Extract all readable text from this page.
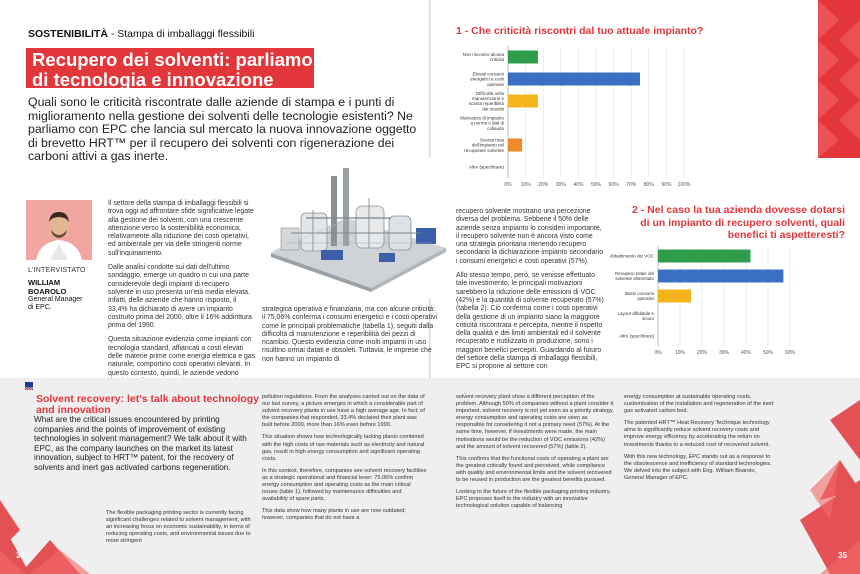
SOSTENIBILITÀ - Stampa di imballaggi flessibili
Recupero dei solventi: parliamo
di tecnologia e innovazione
Quali sono le criticità riscontrate dalle aziende di stampa e i punti di miglioramento nella gestione dei solventi delle tecnologie esistenti? Ne parliamo con EPC che lancia sul mercato la nuova innovazione oggetto di brevetto HRT™ per il recupero dei solventi con rigenerazione dei carboni attivi a gas inerte.
L'INTERVISTATO
WILLIAM
BOAROLO
General Manager
di EPC.

Il settore della stampa di imballaggi flessibili si trova oggi ad affrontare sfide significative legate alla gestione dei solventi, con una crescente attenzione verso la sostenibilità economica, relativamente alla riduzione dei costi operativi, ed ambientale per via delle stringenti norme sull'inquinamento.

Dalle analisi condotte sui dati dell'ultimo sondaggio, emerge un quadro in cui una parte considerevole degli impianti di recupero solvente in uso presenta un'età media elevata. Infatti, delle aziende che hanno risposto, il 33,4% ha dichiarato di avere un impianto costruito prima del 2000, oltre il 16% addirittura prima del 1990.

Questa situazione evidenzia come impianti con tecnologia standard, affiancati a costi elevati delle materie prime come energia elettrica e gas naturale, comportino costi operativi rilevanti. In questo contesto, quindi, le aziende vedono

strategica operativa e finanziaria, ma con alcune criticità: il 75,06% conferma i consumi energetici e i costi operativi come le principali problematiche (tabella 1), seguiti dalla difficoltà di manutenzione e reperibilità dei pezzi di ricambio. Questo evidenzia come molti impianti in uso risultino ormai datati e obsoleti. Tuttavia, le imprese che non hanno un impianto di

recupero solvente mostrano una percezione diversa del problema. Sebbene il 50% delle aziende senza impianto lo consideri importante, il recupero solvente non è ancora visto come una strategia prioritaria ritenendo recupero secondario la dichiarazione impianto secondario i consumi energetici e costi operativi (57%).

Allo stesso tempo, però, se venisse effettuato tale investimento, le principali motivazioni sarebbero la riduzione delle emissioni di VOC (42%) e la quantità di solvente recuperato (57%) (tabella 2). Ciò conferma come i costi operativi della gestione di un impianto siano la maggiore criticità riscontrata e percepita, mentre il rispetto della qualità e dei limiti ambientali ed il solvente recuperato e riutilizzato in produzione, sono i maggiori benefici percepiti. Guardando al futuro del settore della stampa di imballaggi flessibili, EPC si propone al settore con

1 - Che criticità riscontri dal tuo attuale impianto?
0% 10% 20% 30% 40% 50% 60% 70% 80% 90% 100%
Non riscontro alcuna criticità
Elevati consumi energetici e costi operativi
Difficoltà nella manutenzione e scarsa reperibilità dei ricambi
Mancanza di impianto a norma o dati di collaudo
Scarsa resa dell'impianto nel recuperare solvente
Altro (specificare)
2 - Nel caso la tua azienda dovesse dotarsi
di un impianto di recupero solventi, quali
benefici ti aspetteresti?
0%	10% 20% 30% 40% 50% 60%
Abbattimento dei VOC
Recupero totale del solvente alimentato
Bassi consumi operativi
Layout affidabile e sicuro
Altro (specificare)
Solvent recovery: let's talk about technology
and innovation
What are the critical issues encountered by printing companies and the points of improvement of existing technologies in solvent management? We talk about it with EPC, as the company launches on the market its latest innovation, subject to HRT™ patent, for the recovery of solvents and inert gas activated carbons regeneration.

The flexible packaging printing sector is currently facing significant challenges related to solvent management, with an increasing focus on economic sustainability, in terms of reducing operating costs, and environmental issues due to more stringent

pollution regulations. From the analyses carried out on the data of our last survey, a picture emerges in which a considerable part of solvent recovery plants in use have a high average age. In fact, of the companies that responded, 33.4% declared their plant was built before 2000, more than 16% even before 1990.

This situation shows how technologically lacking plants combined with the high costs of raw materials such as electricity and natural gas, result in high energy consumption and significant operating costs.

In this context, therefore, companies see solvent recovery facilities as a strategic operational and financial lever: 75.06% confirm energy consumption and operating costs as the main critical issues (table 1), followed by maintenance difficulties and availability of spare parts.

This data show how many plants in use are now outdated; however, companies that do not have a

solvent recovery plant show a different perception of the problem. Although 50% of companies without a plant consider it important, solvent recovery is not yet seen as a priority strategy, energy consumption and operating costs are seen as responsible for considering it not a primary need (57%). At the same time, however, if investments were made, the main motivations would be the reduction of VOC emissions (42%) and the amount of solvent recovered (57%) (table 2).

This confirms that the functional costs of operating a plant are the greatest critically found and perceived, while compliance with quality and environmental limits and the solvent recovered to be reused in production are the greatest benefits pursued.

Looking to the future of the flexible packaging printing industry, EPC proposes itself to the industry with an innovative technological solution capable of balancing

energy consumption at sustainable operating costs, customisation of the installation and regeneration of the inert gas activated carbon bed.

The patented HRT™ Heat Recovery Technique technology aims to significantly reduce solvent recovery costs and improve energy efficiency by accelerating the return on investments thanks to a reduced cost of recovered solvent.

With this new technology, EPC stands out as a response to the obsolescence and inefficiency of standard technologies. We delved into the subject with Eng. William Boarolo, General Manager of EPC.

34	35
